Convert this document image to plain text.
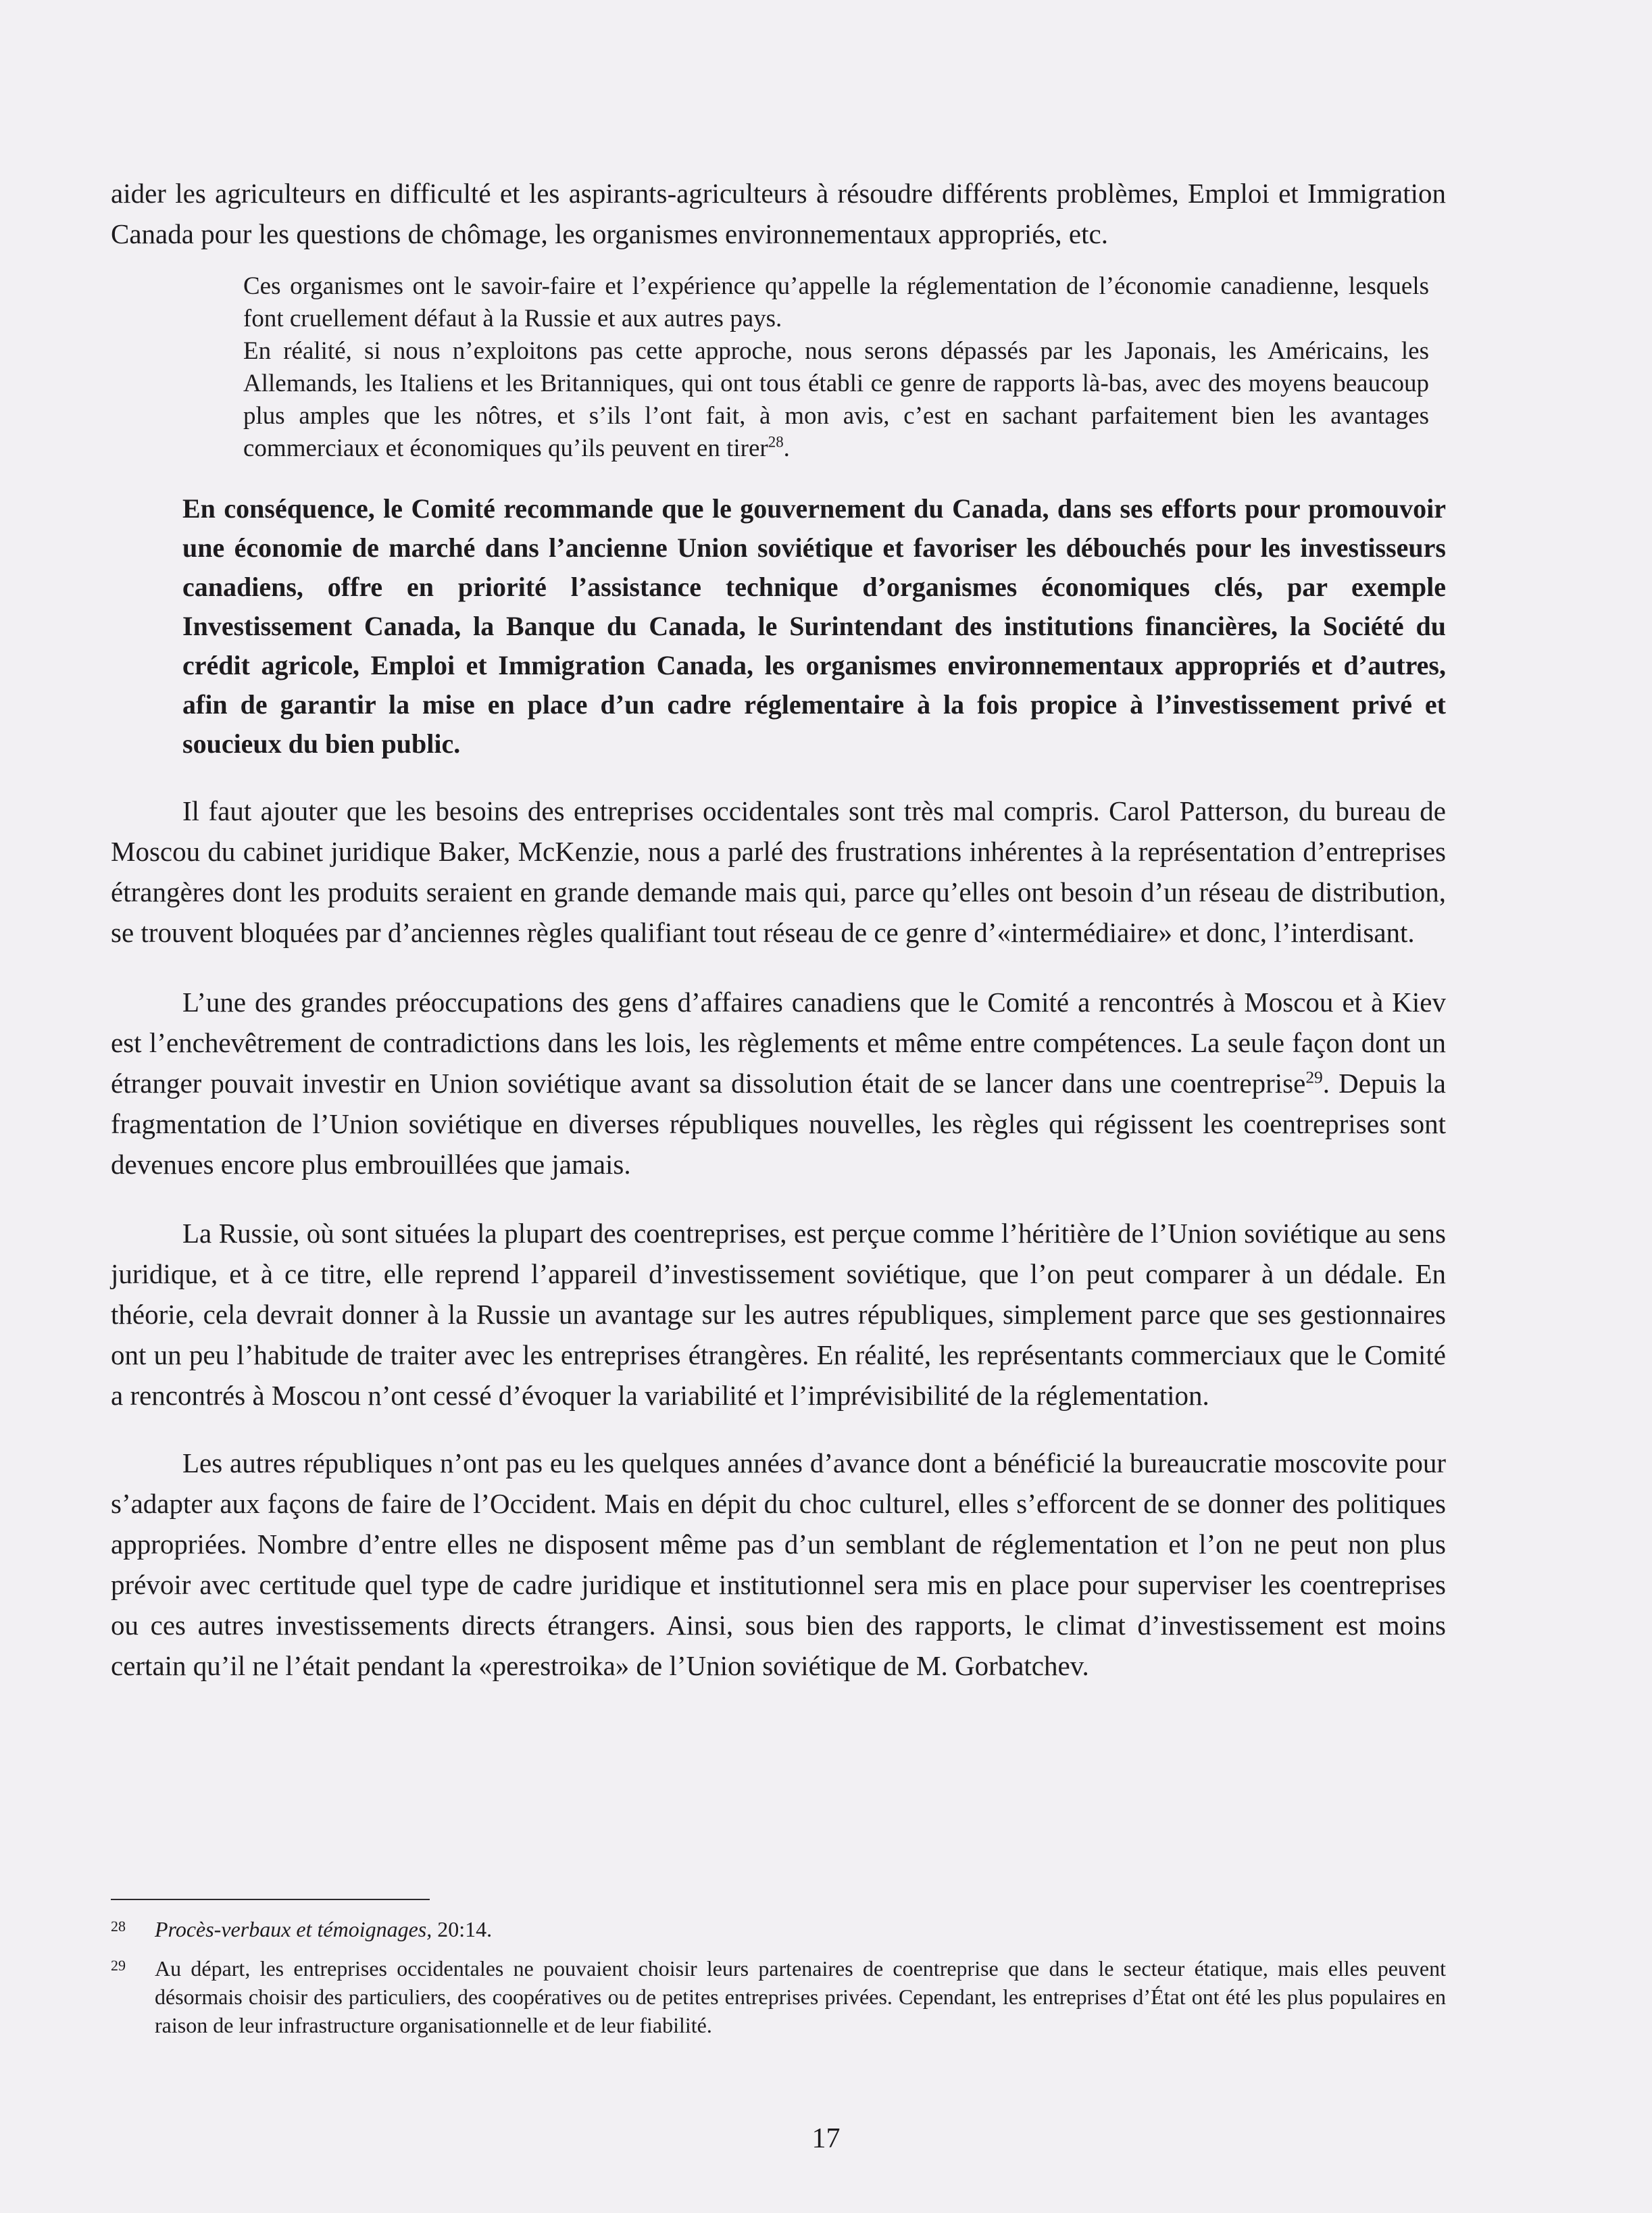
aider les agriculteurs en difficulté et les aspirants-agriculteurs à résoudre différents problèmes, Emploi et Immigration Canada pour les questions de chômage, les organismes environnementaux appropriés, etc.

Ces organismes ont le savoir-faire et l’expérience qu’appelle la réglementation de l’économie canadienne, lesquels font cruellement défaut à la Russie et aux autres pays.

En réalité, si nous n’exploitons pas cette approche, nous serons dépassés par les Japonais, les Américains, les Allemands, les Italiens et les Britanniques, qui ont tous établi ce genre de rapports là-bas, avec des moyens beaucoup plus amples que les nôtres, et s’ils l’ont fait, à mon avis, c’est en sachant parfaitement bien les avantages commerciaux et économiques qu’ils peuvent en tirer$^{28}$.

En conséquence, le Comité recommande que le gouvernement du Canada, dans ses efforts pour promouvoir une économie de marché dans l’ancienne Union soviétique et favoriser les débouchés pour les investisseurs canadiens, offre en priorité l’assistance technique d’organismes économiques clés, par exemple Investissement Canada, la Banque du Canada, le Surintendant des institutions financières, la Société du crédit agricole, Emploi et Immigration Canada, les organismes environnementaux appropriés et d’autres, afin de garantir la mise en place d’un cadre réglementaire à la fois propice à l’investissement privé et soucieux du bien public.

Il faut ajouter que les besoins des entreprises occidentales sont très mal compris. Carol Patterson, du bureau de Moscou du cabinet juridique Baker, McKenzie, nous a parlé des frustrations inhérentes à la représentation d’entreprises étrangères dont les produits seraient en grande demande mais qui, parce qu’elles ont besoin d’un réseau de distribution, se trouvent bloquées par d’anciennes règles qualifiant tout réseau de ce genre d’«intermédiaire» et donc, l’interdisant.

L’une des grandes préoccupations des gens d’affaires canadiens que le Comité a rencontrés à Moscou et à Kiev est l’enchevêtrement de contradictions dans les lois, les règlements et même entre compétences. La seule façon dont un étranger pouvait investir en Union soviétique avant sa dissolution était de se lancer dans une coentreprise$^{29}$. Depuis la fragmentation de l’Union soviétique en diverses républiques nouvelles, les règles qui régissent les coentreprises sont devenues encore plus embrouillées que jamais.

La Russie, où sont situées la plupart des coentreprises, est perçue comme l’héritière de l’Union soviétique au sens juridique, et à ce titre, elle reprend l’appareil d’investissement soviétique, que l’on peut comparer à un dédale. En théorie, cela devrait donner à la Russie un avantage sur les autres républiques, simplement parce que ses gestionnaires ont un peu l’habitude de traiter avec les entreprises étrangères. En réalité, les représentants commerciaux que le Comité a rencontrés à Moscou n’ont cessé d’évoquer la variabilité et l’imprévisibilité de la réglementation.

Les autres républiques n’ont pas eu les quelques années d’avance dont a bénéficié la bureaucratie moscovite pour s’adapter aux façons de faire de l’Occident. Mais en dépit du choc culturel, elles s’efforcent de se donner des politiques appropriées. Nombre d’entre elles ne disposent même pas d’un semblant de réglementation et l’on ne peut non plus prévoir avec certitude quel type de cadre juridique et institutionnel sera mis en place pour superviser les coentreprises ou ces autres investissements directs étrangers. Ainsi, sous bien des rapports, le climat d’investissement est moins certain qu’il ne l’était pendant la «perestroika» de l’Union soviétique de M. Gorbatchev.

28 Procès-verbaux et témoignages, 20:14.

29 Au départ, les entreprises occidentales ne pouvaient choisir leurs partenaires de coentreprise que dans le secteur étatique, mais elles peuvent désormais choisir des particuliers, des coopératives ou de petites entreprises privées. Cependant, les entreprises d’État ont été les plus populaires en raison de leur infrastructure organisationnelle et de leur fiabilité.

17
